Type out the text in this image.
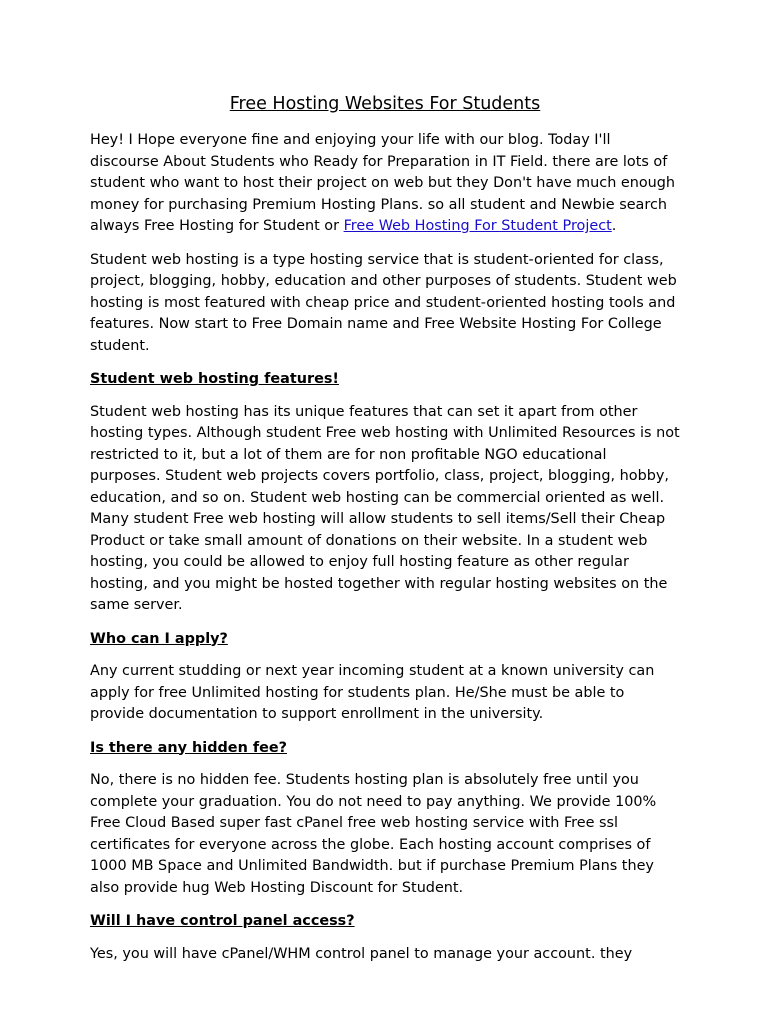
Free Hosting Websites For Students

Hey! I Hope everyone fine and enjoying your life with our blog. Today I'll discourse About Students who Ready for Preparation in IT Field. there are lots of student who want to host their project on web but they Don't have much enough money for purchasing Premium Hosting Plans. so all student and Newbie search always Free Hosting for Student or Free Web Hosting For Student Project.

Student web hosting is a type hosting service that is student-oriented for class, project, blogging, hobby, education and other purposes of students. Student web hosting is most featured with cheap price and student-oriented hosting tools and features. Now start to Free Domain name and Free Website Hosting For College student.

Student web hosting features!

Student web hosting has its unique features that can set it apart from other hosting types. Although student Free web hosting with Unlimited Resources is not restricted to it, but a lot of them are for non profitable NGO educational purposes. Student web projects covers portfolio, class, project, blogging, hobby, education, and so on. Student web hosting can be commercial oriented as well. Many student Free web hosting will allow students to sell items/Sell their Cheap Product or take small amount of donations on their website. In a student web hosting, you could be allowed to enjoy full hosting feature as other regular hosting, and you might be hosted together with regular hosting websites on the same server.

Who can I apply?

Any current studding or next year incoming student at a known university can apply for free Unlimited hosting for students plan. He/She must be able to provide documentation to support enrollment in the university.

Is there any hidden fee?

No, there is no hidden fee. Students hosting plan is absolutely free until you complete your graduation. You do not need to pay anything. We provide 100% Free Cloud Based super fast cPanel free web hosting service with Free ssl certificates for everyone across the globe. Each hosting account comprises of 1000 MB Space and Unlimited Bandwidth. but if purchase Premium Plans they also provide hug Web Hosting Discount for Student.

Will I have control panel access?

Yes, you will have cPanel/WHM control panel to manage your account. they
